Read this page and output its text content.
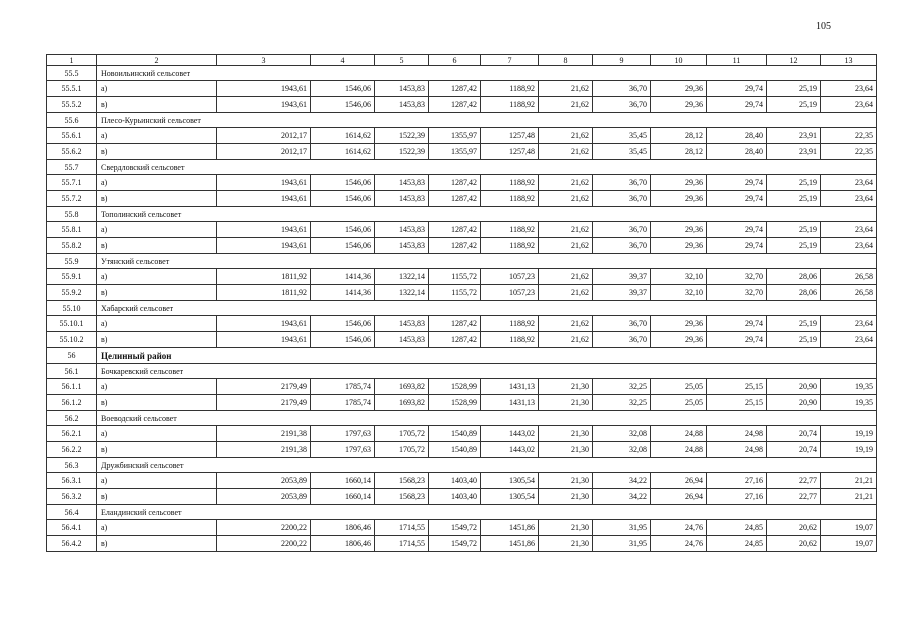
105
1	2	3	4	5	6	7	8	9	10	11	12	13
55.5	Новоильинский сельсовет											
55.5.1	а)	1943,61	1546,06	1453,83	1287,42	1188,92	21,62	36,70	29,36	29,74	25,19	23,64
55.5.2	в)	1943,61	1546,06	1453,83	1287,42	1188,92	21,62	36,70	29,36	29,74	25,19	23,64
55.6	Плесо-Курьинский сельсовет											
55.6.1	а)	2012,17	1614,62	1522,39	1355,97	1257,48	21,62	35,45	28,12	28,40	23,91	22,35
55.6.2	в)	2012,17	1614,62	1522,39	1355,97	1257,48	21,62	35,45	28,12	28,40	23,91	22,35
55.7	Свердловский сельсовет											
55.7.1	а)	1943,61	1546,06	1453,83	1287,42	1188,92	21,62	36,70	29,36	29,74	25,19	23,64
55.7.2	в)	1943,61	1546,06	1453,83	1287,42	1188,92	21,62	36,70	29,36	29,74	25,19	23,64
55.8	Тополинский сельсовет											
55.8.1	а)	1943,61	1546,06	1453,83	1287,42	1188,92	21,62	36,70	29,36	29,74	25,19	23,64
55.8.2	в)	1943,61	1546,06	1453,83	1287,42	1188,92	21,62	36,70	29,36	29,74	25,19	23,64
55.9	Утянский сельсовет											
55.9.1	а)	1811,92	1414,36	1322,14	1155,72	1057,23	21,62	39,37	32,10	32,70	28,06	26,58
55.9.2	в)	1811,92	1414,36	1322,14	1155,72	1057,23	21,62	39,37	32,10	32,70	28,06	26,58
55.10	Хабарский сельсовет											
55.10.1	а)	1943,61	1546,06	1453,83	1287,42	1188,92	21,62	36,70	29,36	29,74	25,19	23,64
55.10.2	в)	1943,61	1546,06	1453,83	1287,42	1188,92	21,62	36,70	29,36	29,74	25,19	23,64
56	Целинный район											
56.1	Бочкаревский сельсовет											
56.1.1	а)	2179,49	1785,74	1693,82	1528,99	1431,13	21,30	32,25	25,05	25,15	20,90	19,35
56.1.2	в)	2179,49	1785,74	1693,82	1528,99	1431,13	21,30	32,25	25,05	25,15	20,90	19,35
56.2	Воеводский сельсовет											
56.2.1	а)	2191,38	1797,63	1705,72	1540,89	1443,02	21,30	32,08	24,88	24,98	20,74	19,19
56.2.2	в)	2191,38	1797,63	1705,72	1540,89	1443,02	21,30	32,08	24,88	24,98	20,74	19,19
56.3	Дружбинский сельсовет											
56.3.1	а)	2053,89	1660,14	1568,23	1403,40	1305,54	21,30	34,22	26,94	27,16	22,77	21,21
56.3.2	в)	2053,89	1660,14	1568,23	1403,40	1305,54	21,30	34,22	26,94	27,16	22,77	21,21
56.4	Еландинский сельсовет											
56.4.1	а)	2200,22	1806,46	1714,55	1549,72	1451,86	21,30	31,95	24,76	24,85	20,62	19,07
56.4.2	в)	2200,22	1806,46	1714,55	1549,72	1451,86	21,30	31,95	24,76	24,85	20,62	19,07
